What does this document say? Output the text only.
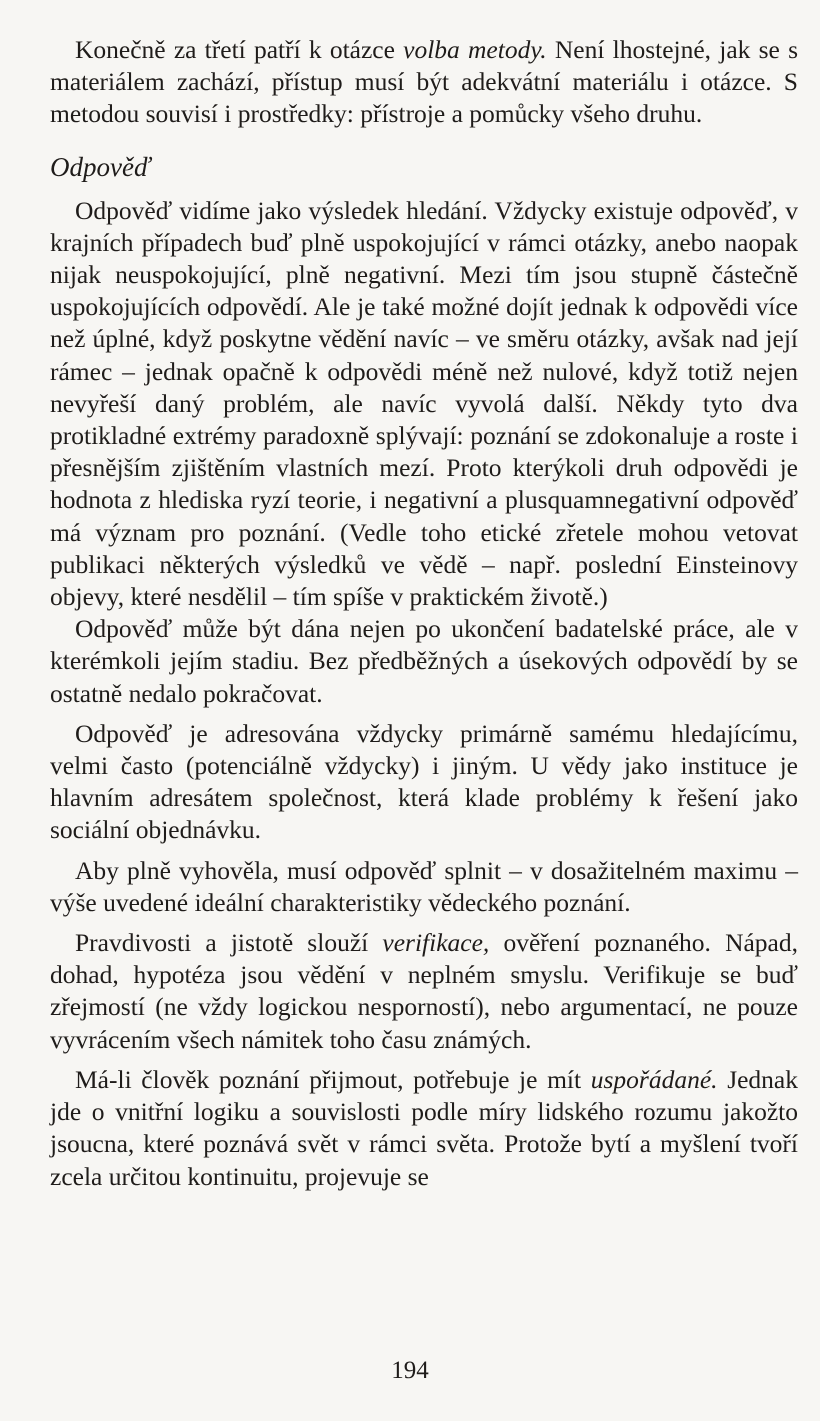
Konečně za třetí patří k otázce volba metody. Není lhostejné, jak se s materiálem zachází, přístup musí být adekvátní materiálu i otázce. S metodou souvisí i prostředky: přístroje a pomůcky všeho druhu.

Odpověď

Odpověď vidíme jako výsledek hledání. Vždycky existuje odpověď, v krajních případech buď plně uspokojující v rámci otázky, anebo naopak nijak neuspokojující, plně negativní. Mezi tím jsou stupně částečně uspokojujících odpovědí. Ale je také možné dojít jednak k odpovědi více než úplné, když poskytne vědění navíc – ve směru otázky, avšak nad její rámec – jednak opačně k odpovědi méně než nulové, když totiž nejen nevyřeší daný problém, ale navíc vyvolá další. Někdy tyto dva protikladné extrémy paradoxně splývají: poznání se zdokonaluje a roste i přesnějším zjištěním vlastních mezí. Proto kterýkoli druh odpovědi je hodnota z hlediska ryzí teorie, i negativní a plusquamnegativní odpověď má význam pro poznání. (Vedle toho etické zřetele mohou vetovat publikaci některých výsledků ve vědě – např. poslední Einsteinovy objevy, které nesdělil – tím spíše v praktickém životě.)

Odpověď může být dána nejen po ukončení badatelské práce, ale v kterémkoli jejím stadiu. Bez předběžných a úsekových odpovědí by se ostatně nedalo pokračovat.

Odpověď je adresována vždycky primárně samému hledajícímu, velmi často (potenciálně vždycky) i jiným. U vědy jako instituce je hlavním adresátem společnost, která klade problémy k řešení jako sociální objednávku.

Aby plně vyhověla, musí odpověď splnit – v dosažitelném maximu – výše uvedené ideální charakteristiky vědeckého poznání.

Pravdivosti a jistotě slouží verifikace, ověření poznaného. Nápad, dohad, hypotéza jsou vědění v neplném smyslu. Verifikuje se buď zřejmostí (ne vždy logickou nesporností), nebo argumentací, ne pouze vyvrácením všech námitek toho času známých.

Má-li člověk poznání přijmout, potřebuje je mít uspořádané. Jednak jde o vnitřní logiku a souvislosti podle míry lidského rozumu jakožto jsoucna, které poznává svět v rámci světa. Protože bytí a myšlení tvoří zcela určitou kontinuitu, projevuje se

194
